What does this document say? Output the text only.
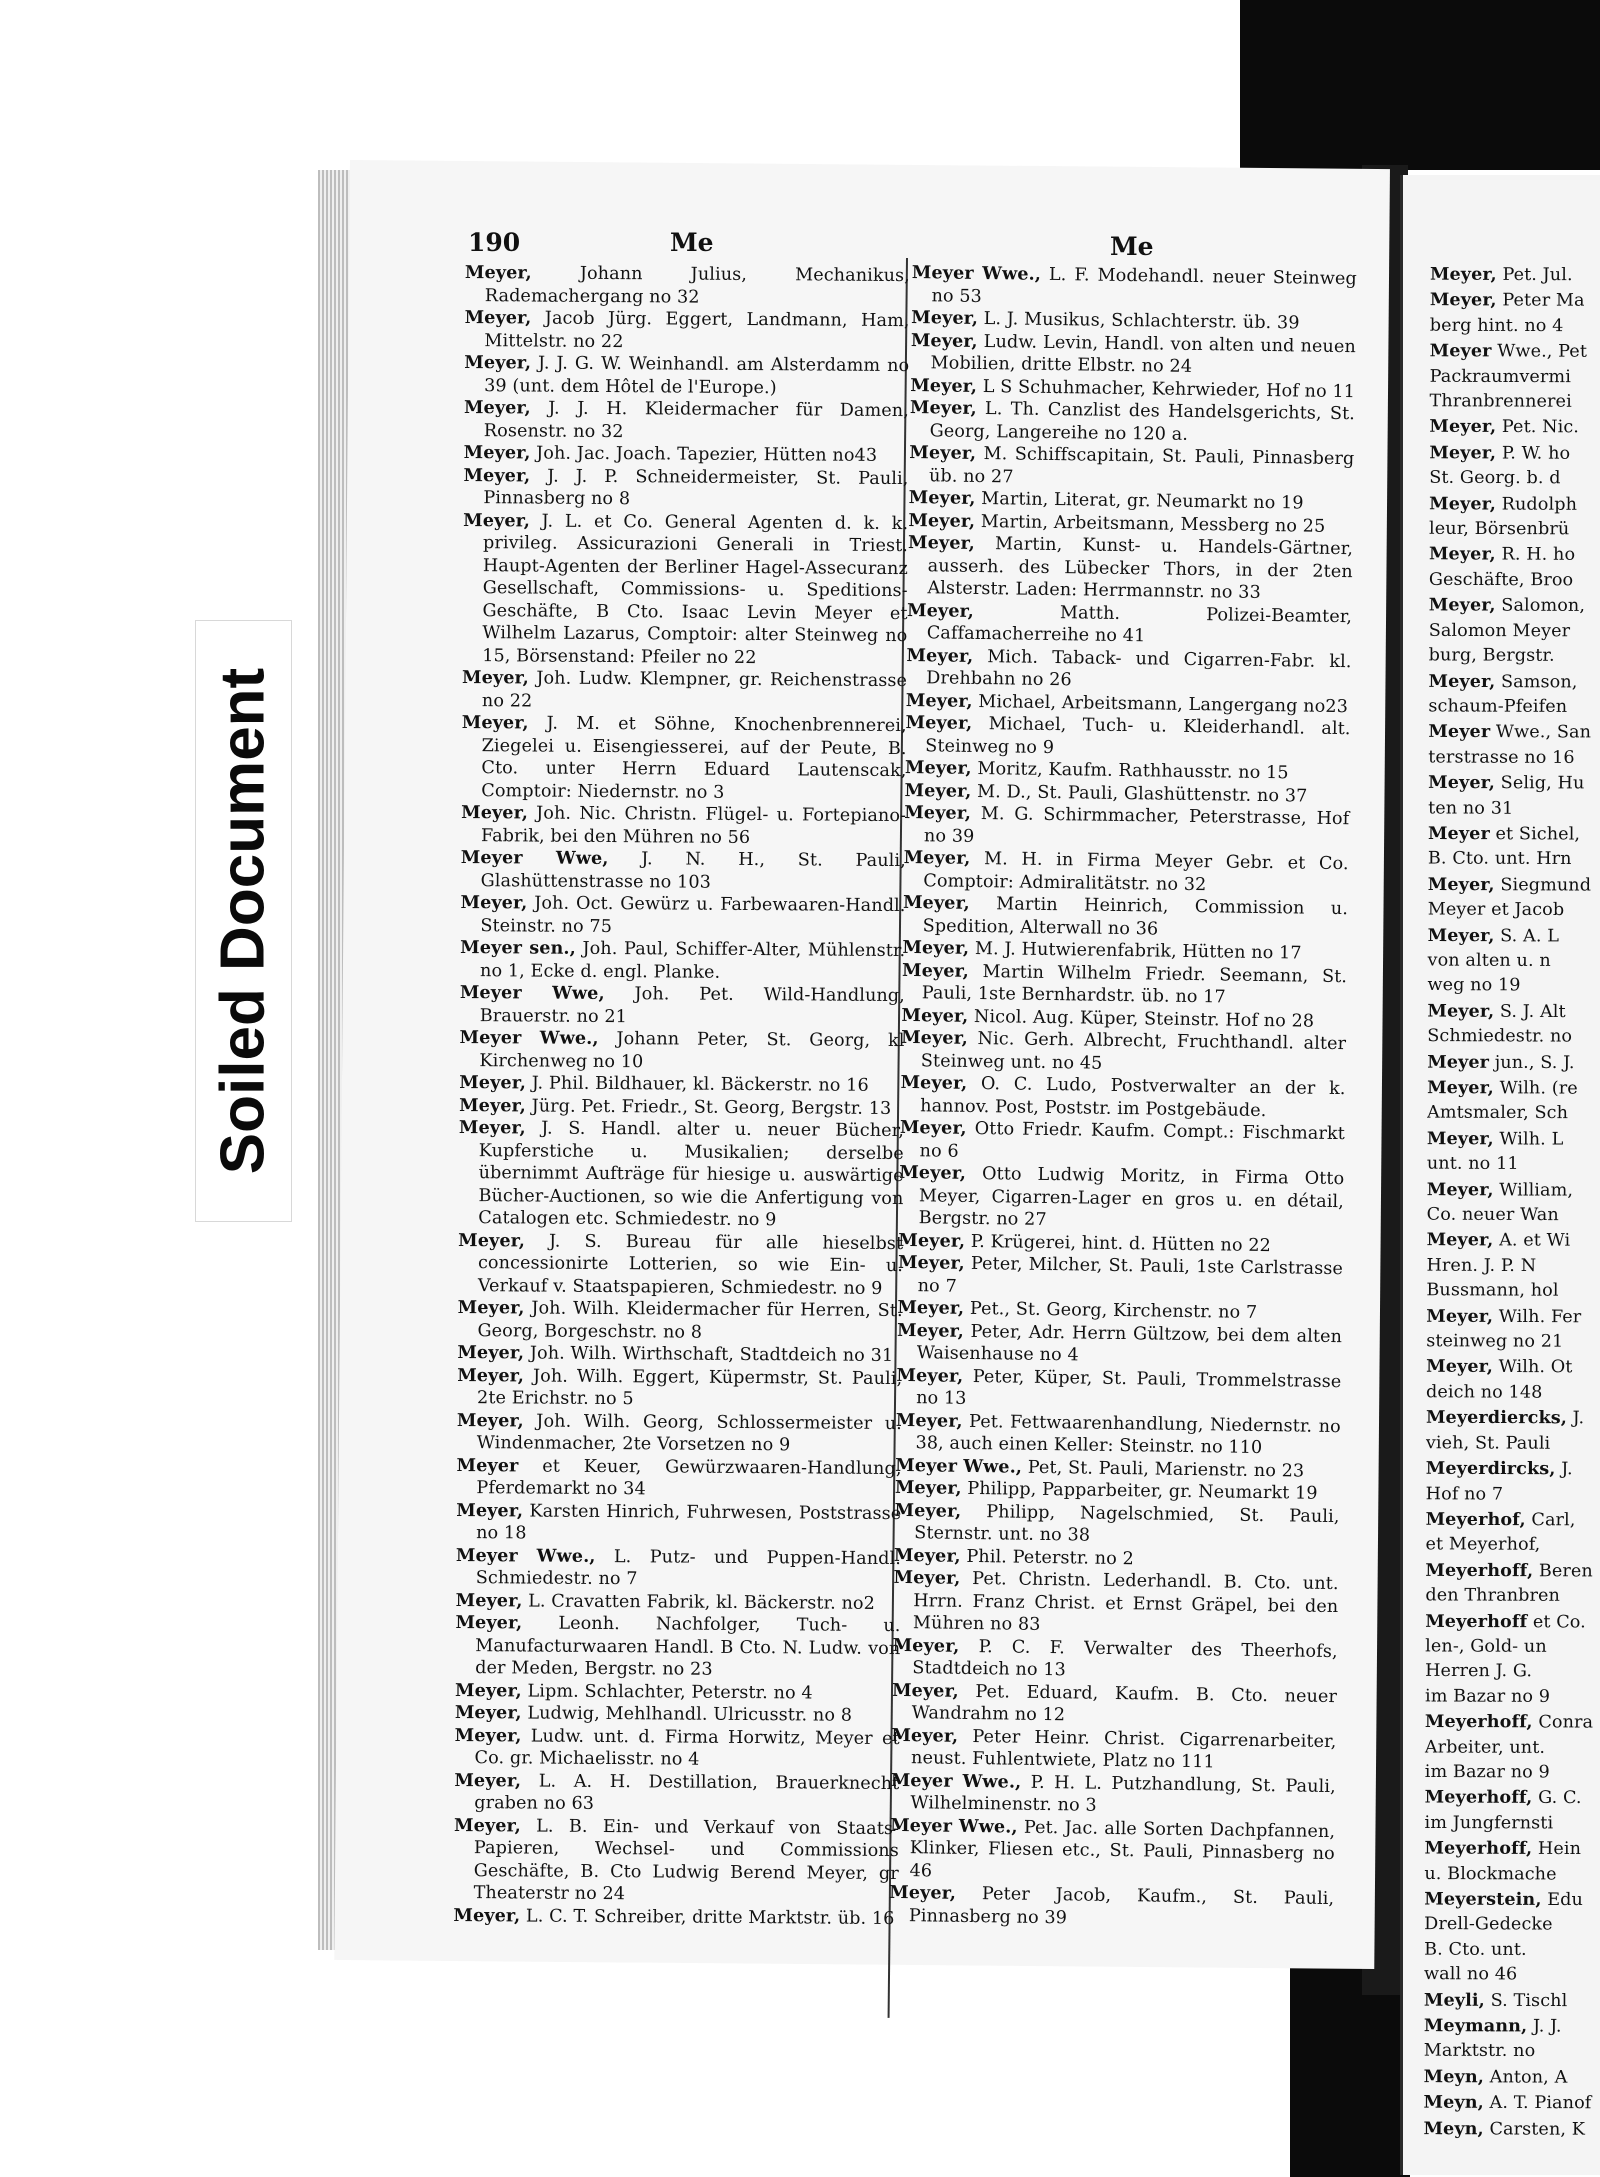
190	Me	Me
Meyer, Johann Julius, Mechanikus, Rademachergang no 32
Meyer, Jacob Jürg. Eggert, Landmann, Ham, Mittelstr. no 22
Meyer, J. J. G. W. Weinhandl. am Alsterdamm no 39 (unt. dem Hôtel de l'Europe.)
Meyer, J. J. H. Kleidermacher für Damen, Rosenstr. no 32
Meyer, Joh. Jac. Joach. Tapezier, Hütten no43
Meyer, J. J. P. Schneidermeister, St. Pauli, Pinnasberg no 8
Meyer, J. L. et Co. General Agenten d. k. k. privileg. Assicurazioni Generali in Triest. Haupt-Agenten der Berliner Hagel-Assecuranz Gesellschaft, Commissions- u. Speditions-Geschäfte, B Cto. Isaac Levin Meyer et Wilhelm Lazarus, Comptoir: alter Steinweg no 15, Börsenstand: Pfeiler no 22
Meyer, Joh. Ludw. Klempner, gr. Reichenstrasse no 22
Meyer, J. M. et Söhne, Knochenbrennerei, Ziegelei u. Eisengiesserei, auf der Peute, B. Cto. unter Herrn Eduard Lautenscak, Comptoir: Niedernstr. no 3
Meyer, Joh. Nic. Christn. Flügel- u. Fortepiano-Fabrik, bei den Mühren no 56
Meyer Wwe, J. N. H., St. Pauli, Glashüttenstrasse no 103
Meyer, Joh. Oct. Gewürz u. Farbewaaren-Handl. Steinstr. no 75
Meyer sen., Joh. Paul, Schiffer-Alter, Mühlenstr. no 1, Ecke d. engl. Planke.
Meyer Wwe, Joh. Pet. Wild-Handlung, Brauerstr. no 21
Meyer Wwe., Johann Peter, St. Georg, kl Kirchenweg no 10
Meyer, J. Phil. Bildhauer, kl. Bäckerstr. no 16
Meyer, Jürg. Pet. Friedr., St. Georg, Bergstr. 13
Meyer, J. S. Handl. alter u. neuer Bücher, Kupferstiche u. Musikalien; derselbe übernimmt Aufträge für hiesige u. auswärtige Bücher-Auctionen, so wie die Anfertigung von Catalogen etc. Schmiedestr. no 9
Meyer, J. S. Bureau für alle hieselbst concessionirte Lotterien, so wie Ein- u. Verkauf v. Staatspapieren, Schmiedestr. no 9
Meyer, Joh. Wilh. Kleidermacher für Herren, St. Georg, Borgeschstr. no 8
Meyer, Joh. Wilh. Wirthschaft, Stadtdeich no 31
Meyer, Joh. Wilh. Eggert, Küpermstr, St. Pauli, 2te Erichstr. no 5
Meyer, Joh. Wilh. Georg, Schlossermeister u. Windenmacher, 2te Vorsetzen no 9
Meyer et Keuer, Gewürzwaaren-Handlung, Pferdemarkt no 34
Meyer, Karsten Hinrich, Fuhrwesen, Poststrasse no 18
Meyer Wwe., L. Putz- und Puppen-Handl. Schmiedestr. no 7
Meyer, L. Cravatten Fabrik, kl. Bäckerstr. no2
Meyer, Leonh. Nachfolger, Tuch- u. Manufacturwaaren Handl. B Cto. N. Ludw. von der Meden, Bergstr. no 23
Meyer, Lipm. Schlachter, Peterstr. no 4
Meyer, Ludwig, Mehlhandl. Ulricusstr. no 8
Meyer, Ludw. unt. d. Firma Horwitz, Meyer et Co. gr. Michaelisstr. no 4
Meyer, L. A. H. Destillation, Brauerknecht graben no 63
Meyer, L. B. Ein- und Verkauf von Staats-Papieren, Wechsel- und Commissions Geschäfte, B. Cto Ludwig Berend Meyer, gr Theaterstr no 24
Meyer, L. C. T. Schreiber, dritte Marktstr. üb. 16
Meyer Wwe., L. F. Modehandl. neuer Steinweg no 53
Meyer, L. J. Musikus, Schlachterstr. üb. 39
Meyer, Ludw. Levin, Handl. von alten und neuen Mobilien, dritte Elbstr. no 24
Meyer, L S Schuhmacher, Kehrwieder, Hof no 11
Meyer, L. Th. Canzlist des Handelsgerichts, St. Georg, Langereihe no 120 a.
Meyer, M. Schiffscapitain, St. Pauli, Pinnasberg üb. no 27
Meyer, Martin, Literat, gr. Neumarkt no 19
Meyer, Martin, Arbeitsmann, Messberg no 25
Meyer, Martin, Kunst- u. Handels-Gärtner, ausserh. des Lübecker Thors, in der 2ten Alsterstr. Laden: Herrmannstr. no 33
Meyer, Matth. Polizei-Beamter, Caffamacherreihe no 41
Meyer, Mich. Taback- und Cigarren-Fabr. kl. Drehbahn no 26
Meyer, Michael, Arbeitsmann, Langergang no23
Meyer, Michael, Tuch- u. Kleiderhandl. alt. Steinweg no 9
Meyer, Moritz, Kaufm. Rathhausstr. no 15
Meyer, M. D., St. Pauli, Glashüttenstr. no 37
Meyer, M. G. Schirmmacher, Peterstrasse, Hof no 39
Meyer, M. H. in Firma Meyer Gebr. et Co. Comptoir: Admiralitätstr. no 32
Meyer, Martin Heinrich, Commission u. Spedition, Alterwall no 36
Meyer, M. J. Hutwierenfabrik, Hütten no 17
Meyer, Martin Wilhelm Friedr. Seemann, St. Pauli, 1ste Bernhardstr. üb. no 17
Meyer, Nicol. Aug. Küper, Steinstr. Hof no 28
Meyer, Nic. Gerh. Albrecht, Fruchthandl. alter Steinweg unt. no 45
Meyer, O. C. Ludo, Postverwalter an der k. hannov. Post, Poststr. im Postgebäude.
Meyer, Otto Friedr. Kaufm. Compt.: Fischmarkt no 6
Meyer, Otto Ludwig Moritz, in Firma Otto Meyer, Cigarren-Lager en gros u. en détail, Bergstr. no 27
Meyer, P. Krügerei, hint. d. Hütten no 22
Meyer, Peter, Milcher, St. Pauli, 1ste Carlstrasse no 7
Meyer, Pet., St. Georg, Kirchenstr. no 7
Meyer, Peter, Adr. Herrn Gültzow, bei dem alten Waisenhause no 4
Meyer, Peter, Küper, St. Pauli, Trommelstrasse no 13
Meyer, Pet. Fettwaarenhandlung, Niedernstr. no 38, auch einen Keller: Steinstr. no 110
Meyer Wwe., Pet, St. Pauli, Marienstr. no 23
Meyer, Philipp, Papparbeiter, gr. Neumarkt 19
Meyer, Philipp, Nagelschmied, St. Pauli, Sternstr. unt. no 38
Meyer, Phil. Peterstr. no 2
Meyer, Pet. Christn. Lederhandl. B. Cto. unt. Hrrn. Franz Christ. et Ernst Gräpel, bei den Mühren no 83
Meyer, P. C. F. Verwalter des Theerhofs, Stadtdeich no 13
Meyer, Pet. Eduard, Kaufm. B. Cto. neuer Wandrahm no 12
Meyer, Peter Heinr. Christ. Cigarrenarbeiter, neust. Fuhlentwiete, Platz no 111
Meyer Wwe., P. H. L. Putzhandlung, St. Pauli, Wilhelminenstr. no 3
Meyer Wwe., Pet. Jac. alle Sorten Dachpfannen, Klinker, Fliesen etc., St. Pauli, Pinnasberg no 46
Meyer, Peter Jacob, Kaufm., St. Pauli, Pinnasberg no 39
Meyer, Pet. Jul.
Meyer, Peter Ma
berg hint. no 4
Meyer Wwe., Pet
Packraumvermi
Thranbrennerei
Meyer, Pet. Nic.
Meyer, P. W. ho
St. Georg. b. d
Meyer, Rudolph
leur, Börsenbrü
Meyer, R. H. ho
Geschäfte, Broo
Meyer, Salomon,
Salomon Meyer
burg, Bergstr.
Meyer, Samson,
schaum-Pfeifen
Meyer Wwe., San
terstrasse no 16
Meyer, Selig, Hu
ten no 31
Meyer et Sichel,
B. Cto. unt. Hrn
Meyer, Siegmund
Meyer et Jacob
Meyer, S. A. L
von alten u. n
weg no 19
Meyer, S. J. Alt
Schmiedestr. no
Meyer jun., S. J.
Meyer, Wilh. (re
Amtsmaler, Sch
Meyer, Wilh. L
unt. no 11
Meyer, William,
Co. neuer Wan
Meyer, A. et Wi
Hren. J. P. N
Bussmann, hol
Meyer, Wilh. Fer
steinweg no 21
Meyer, Wilh. Ot
deich no 148
Meyerdiercks, J.
vieh, St. Pauli
Meyerdircks, J.
Hof no 7
Meyerhof, Carl,
et Meyerhof,
Meyerhoff, Beren
den Thranbren
Meyerhoff et Co.
len-, Gold- un
Herren J. G.
im Bazar no 9
Meyerhoff, Conra
Arbeiter, unt.
im Bazar no 9
Meyerhoff, G. C.
im Jungfernsti
Meyerhoff, Hein
u. Blockmache
Meyerstein, Edu
Drell-Gedecke
B. Cto. unt.
wall no 46
Meyli, S. Tischl
Meymann, J. J.
Marktstr. no
Meyn, Anton, A
Meyn, A. T. Pianof
Meyn, Carsten, K
Soiled Document
